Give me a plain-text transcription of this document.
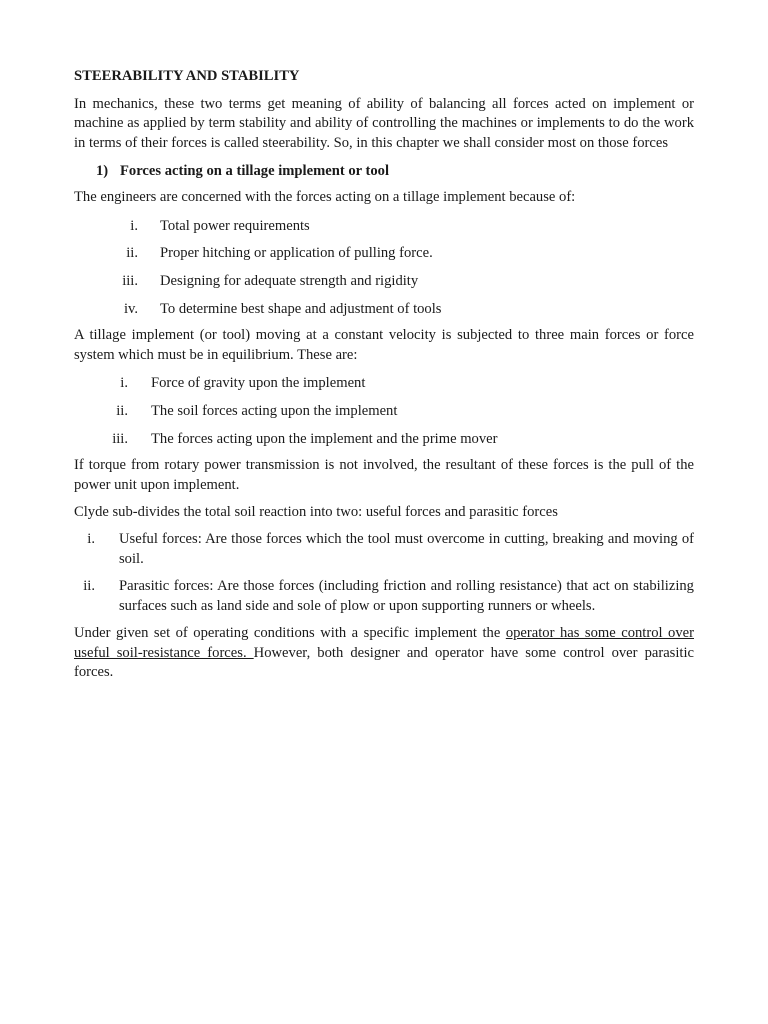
STEERABILITY AND STABILITY

In mechanics, these two terms get meaning of ability of balancing all forces acted on implement or machine as applied by term stability and ability of controlling the machines or implements to do the work in terms of their forces is called steerability. So, in this chapter we shall consider most on those forces

1) Forces acting on a tillage implement or tool

The engineers are concerned with the forces acting on a tillage implement because of:

i.	Total power requirements
ii.	Proper hitching or application of pulling force.
iii.	Designing for adequate strength and rigidity
iv.	To determine best shape and adjustment of tools

A tillage implement (or tool) moving at a constant velocity is subjected to three main forces or force system which must be in equilibrium. These are:

i.	Force of gravity upon the implement
ii.	The soil forces acting upon the implement
iii.	The forces acting upon the implement and the prime mover

If torque from rotary power transmission is not involved, the resultant of these forces is the pull of the power unit upon implement.

Clyde sub-divides the total soil reaction into two: useful forces and parasitic forces

i.	Useful forces: Are those forces which the tool must overcome in cutting, breaking and moving of soil.
ii.	Parasitic forces: Are those forces (including friction and rolling resistance) that act on stabilizing surfaces such as land side and sole of plow or upon supporting runners or wheels.

Under given set of operating conditions with a specific implement the operator has some control over useful soil-resistance forces. However, both designer and operator have some control over parasitic forces.
